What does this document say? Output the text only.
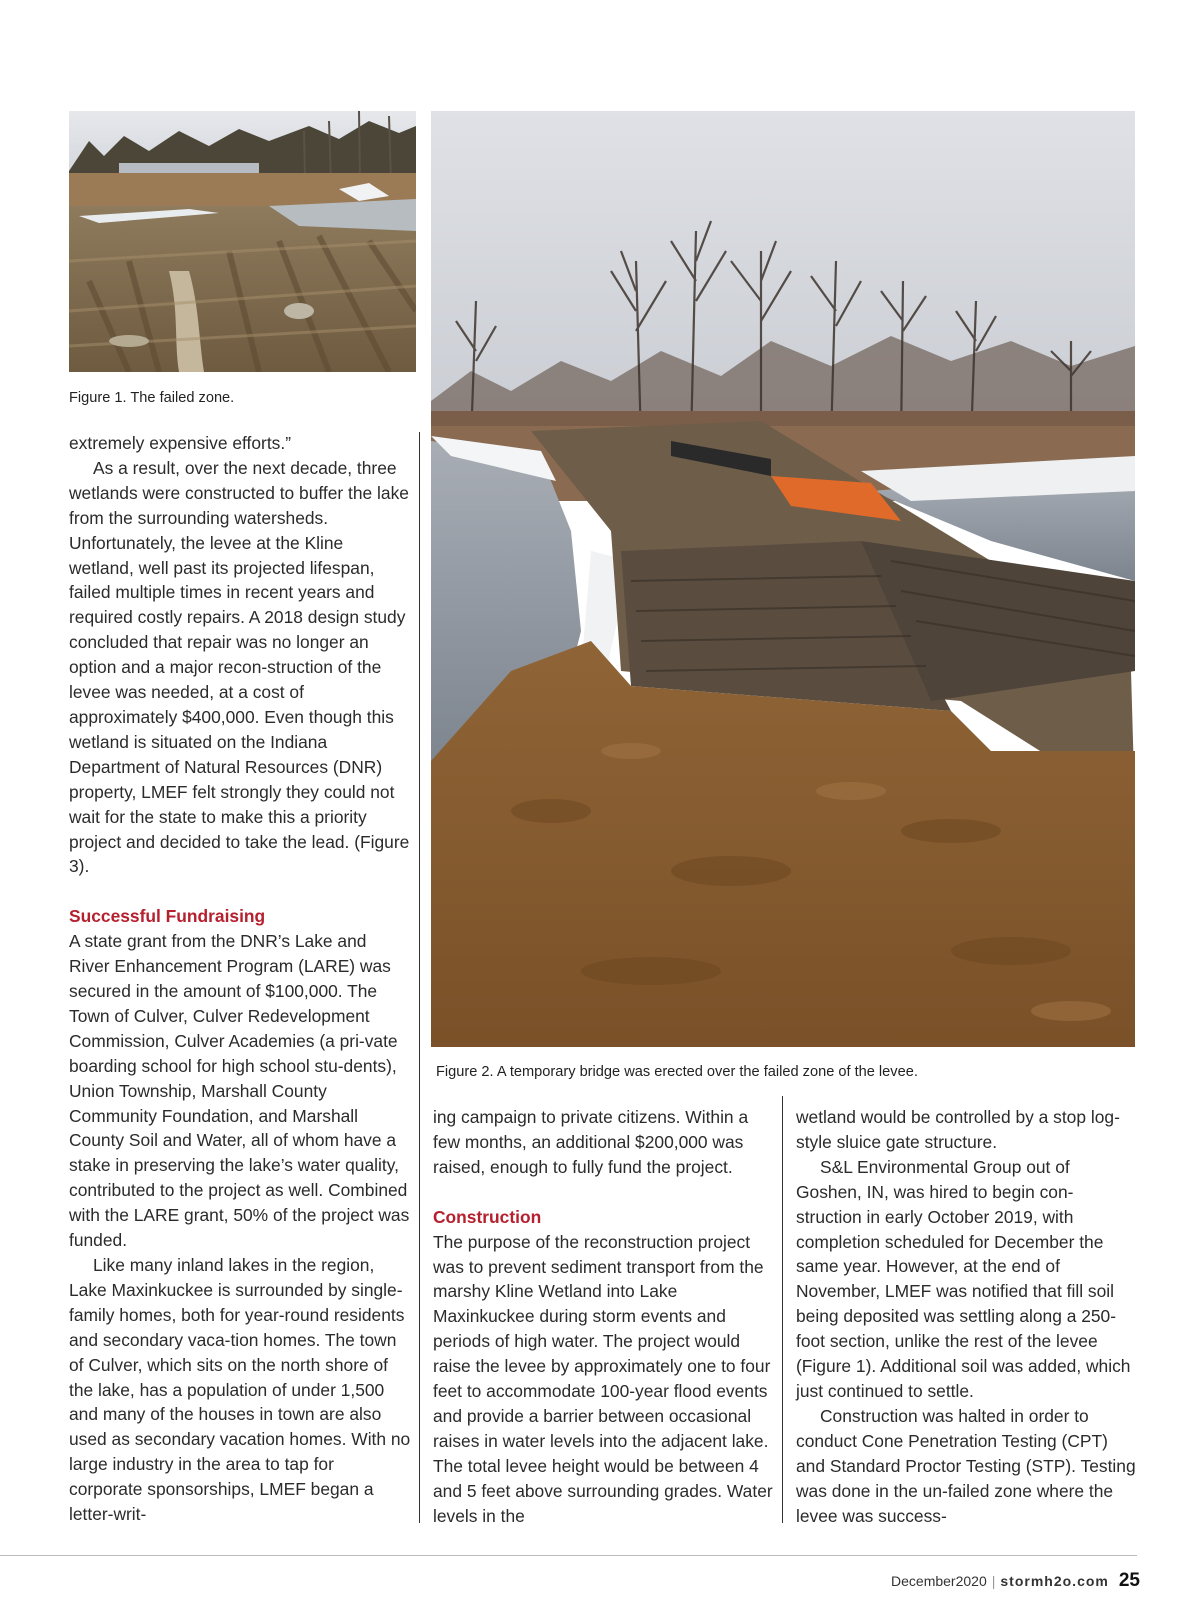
Figure 1. The failed zone.
Figure 2. A temporary bridge was erected over the failed zone of the levee.

extremely expensive efforts.”

As a result, over the next decade, three wetlands were constructed to buffer the lake from the surrounding watersheds. Unfortunately, the levee at the Kline wetland, well past its projected lifespan, failed multiple times in recent years and required costly repairs. A 2018 design study concluded that repair was no longer an option and a major recon-struction of the levee was needed, at a cost of approximately $400,000. Even though this wetland is situated on the Indiana Department of Natural Resources (DNR) property, LMEF felt strongly they could not wait for the state to make this a priority project and decided to take the lead. (Figure 3).

Successful Fundraising

A state grant from the DNR’s Lake and River Enhancement Program (LARE) was secured in the amount of $100,000. The Town of Culver, Culver Redevelopment Commission, Culver Academies (a pri-vate boarding school for high school stu-dents), Union Township, Marshall County Community Foundation, and Marshall County Soil and Water, all of whom have a stake in preserving the lake’s water quality, contributed to the project as well. Combined with the LARE grant, 50% of the project was funded.

Like many inland lakes in the region, Lake Maxinkuckee is surrounded by single-family homes, both for year-round residents and secondary vaca-tion homes. The town of Culver, which sits on the north shore of the lake, has a population of under 1,500 and many of the houses in town are also used as secondary vacation homes. With no large industry in the area to tap for corporate sponsorships, LMEF began a letter-writ-

ing campaign to private citizens. Within a few months, an additional $200,000 was raised, enough to fully fund the project.

Construction

The purpose of the reconstruction project was to prevent sediment transport from the marshy Kline Wetland into Lake Maxinkuckee during storm events and periods of high water. The project would raise the levee by approximately one to four feet to accommodate 100-year flood events and provide a barrier between occasional raises in water levels into the adjacent lake. The total levee height would be between 4 and 5 feet above surrounding grades. Water levels in the

wetland would be controlled by a stop log-style sluice gate structure.

S&L Environmental Group out of Goshen, IN, was hired to begin con-struction in early October 2019, with completion scheduled for December the same year. However, at the end of November, LMEF was notified that fill soil being deposited was settling along a 250-foot section, unlike the rest of the levee (Figure 1). Additional soil was added, which just continued to settle.

Construction was halted in order to conduct Cone Penetration Testing (CPT) and Standard Proctor Testing (STP). Testing was done in the un-failed zone where the levee was success-

December2020 | stormh2o.com 25
